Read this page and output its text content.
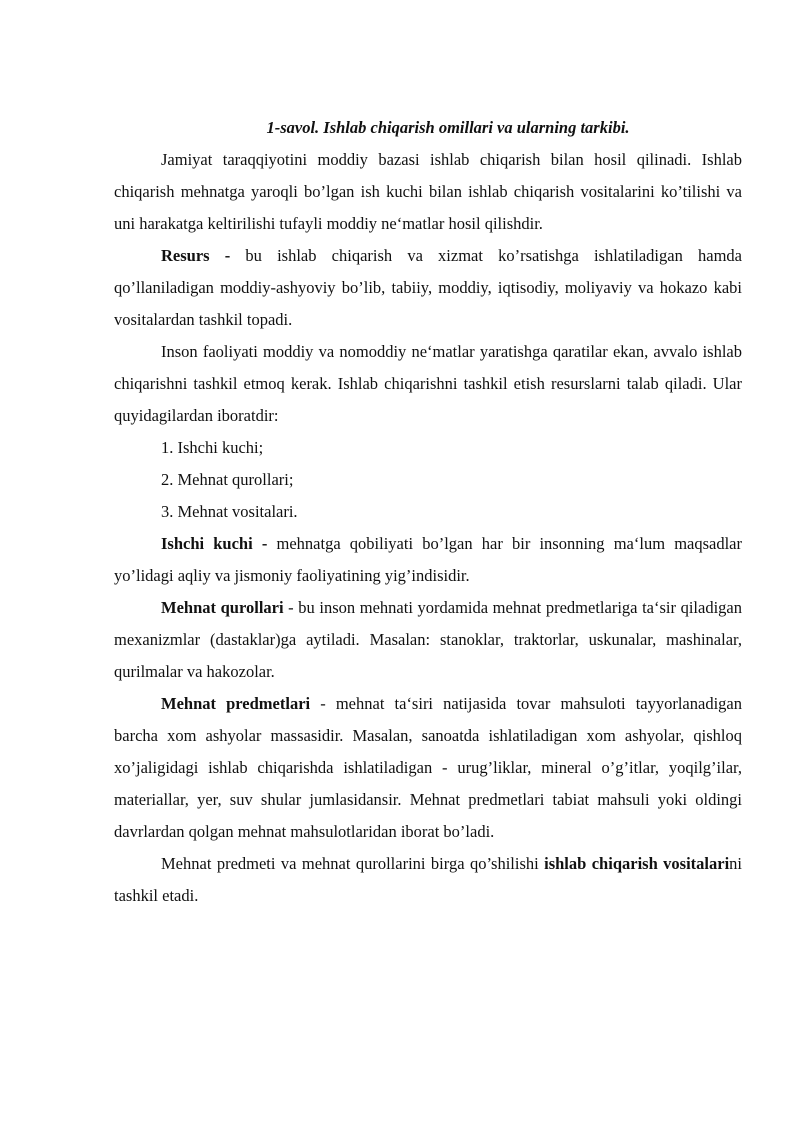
1-savol. Ishlab chiqarish omillari va ularning tarkibi.

Jamiyat taraqqiyotini moddiy bazasi ishlab chiqarish bilan hosil qilinadi. Ishlab chiqarish mehnatga yaroqli bo’lgan ish kuchi bilan ishlab chiqarish vositalarini ko’tilishi va uni harakatga keltirilishi tufayli moddiy ne‘matlar hosil qilishdir.

Resurs - bu ishlab chiqarish va xizmat ko’rsatishga ishlatiladigan hamda qo’llaniladigan moddiy-ashyoviy bo’lib, tabiiy, moddiy, iqtisodiy, moliyaviy va hokazo kabi vositalardan tashkil topadi.

Inson faoliyati moddiy va nomoddiy ne‘matlar yaratishga qaratilar ekan, avvalo ishlab chiqarishni tashkil etmoq kerak. Ishlab chiqarishni tashkil etish resurslarni talab qiladi. Ular quyidagilardan iboratdir:

1. Ishchi kuchi;

2. Mehnat qurollari;

3. Mehnat vositalari.

Ishchi kuchi - mehnatga qobiliyati bo’lgan har bir insonning ma‘lum maqsadlar yo’lidagi aqliy va jismoniy faoliyatining yig’indisidir.

Mehnat qurollari - bu inson mehnati yordamida mehnat predmetlariga ta‘sir qiladigan mexanizmlar (dastaklar)ga aytiladi. Masalan: stanoklar, traktorlar, uskunalar, mashinalar, qurilmalar va hakozolar.

Mehnat predmetlari - mehnat ta‘siri natijasida tovar mahsuloti tayyorlanadigan barcha xom ashyolar massasidir. Masalan, sanoatda ishlatiladigan xom ashyolar, qishloq xo’jaligidagi ishlab chiqarishda ishlatiladigan - urug’liklar, mineral o’g’itlar, yoqilg’ilar, materiallar, yer, suv shular jumlasidansir. Mehnat predmetlari tabiat mahsuli yoki oldingi davrlardan qolgan mehnat mahsulotlaridan iborat bo’ladi.

Mehnat predmeti va mehnat qurollarini birga qo’shilishi ishlab chiqarish vositalarini tashkil etadi.
